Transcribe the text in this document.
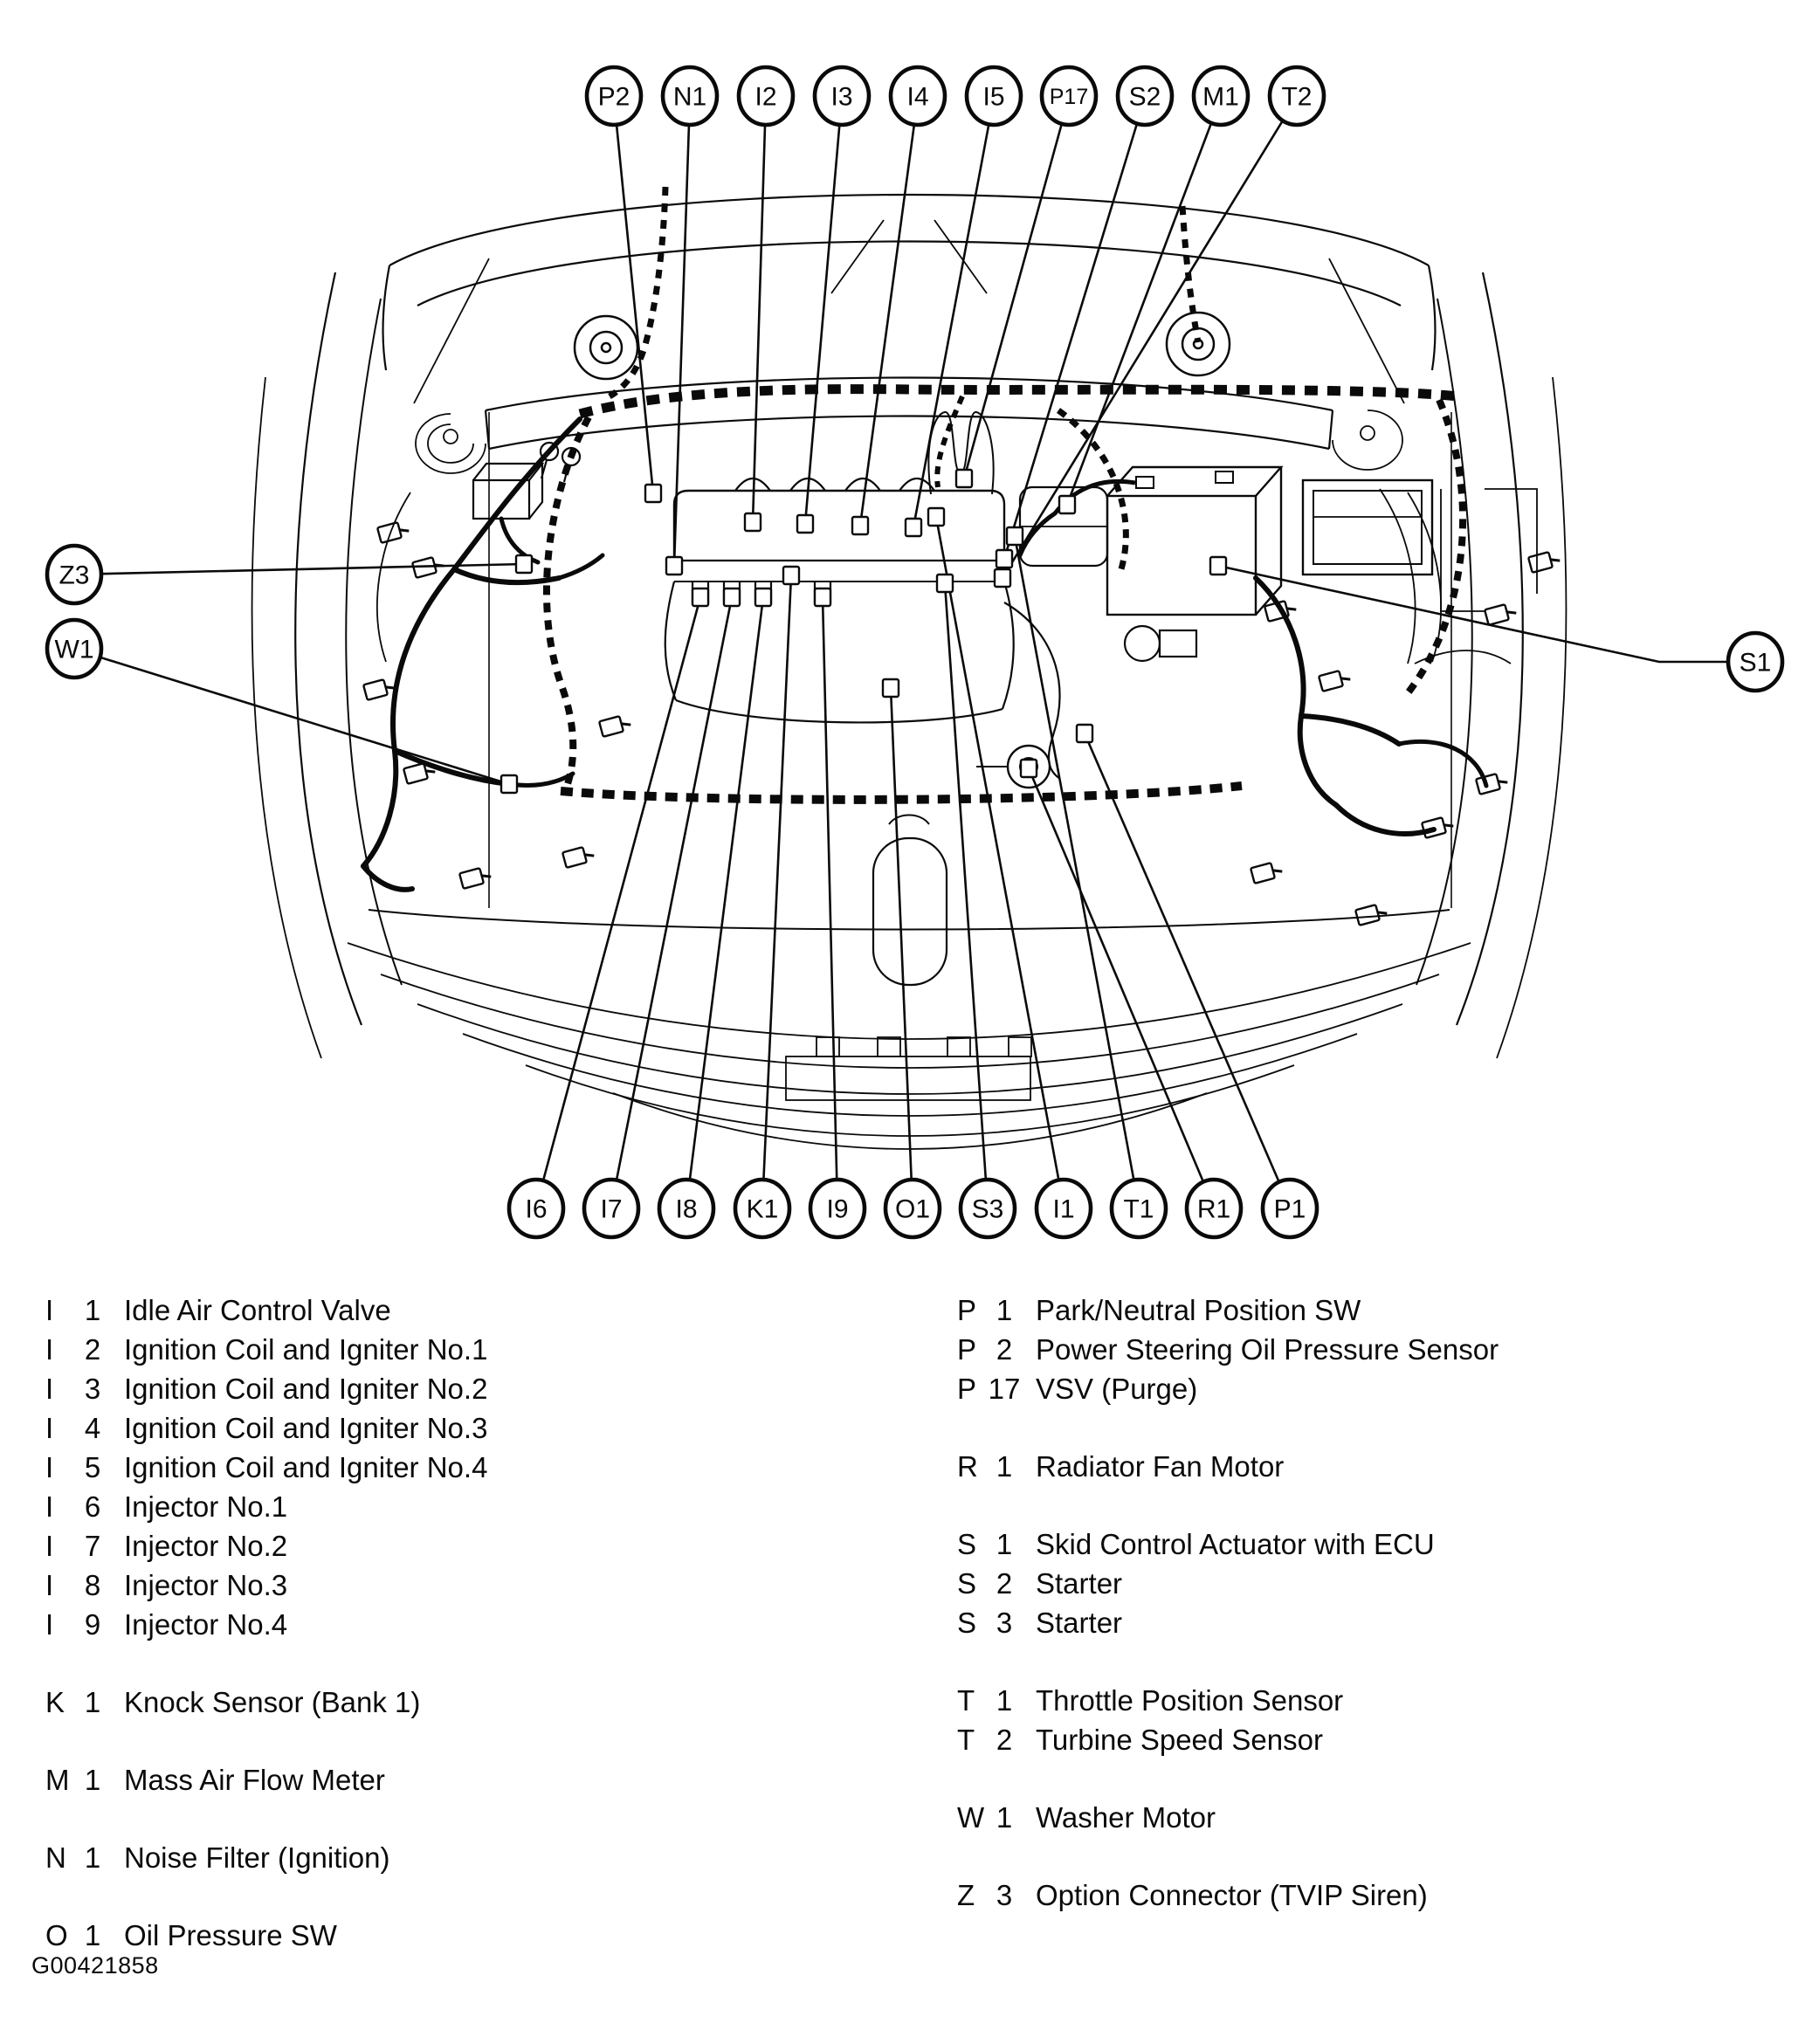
P2 N1 I2 I3 I4 I5 P17 S2 M1 T2
Z3
W1	S1
I6 I7 I8 K1 I9 O1 S3 I1 T1 R1 P1
I	1 Idle Air Control Valve
I	2 Ignition Coil and Igniter No.1
I	3 Ignition Coil and Igniter No.2
I	4 Ignition Coil and Igniter No.3
I	5 Ignition Coil and Igniter No.4
I	6 Injector No.1
I	7 Injector No.2
I	8 Injector No.3
I	9 Injector No.4
K 1 Knock Sensor (Bank 1)
M 1 Mass Air Flow Meter
N 1 Noise Filter (Ignition)
O 1 Oil Pressure SW
P 1 Park/Neutral Position SW
P 2 Power Steering Oil Pressure Sensor
P 17 VSV (Purge)
R 1 Radiator Fan Motor
S 1 Skid Control Actuator with ECU
S 2 Starter
S 3 Starter
T 1 Throttle Position Sensor
T 2 Turbine Speed Sensor
W 1 Washer Motor
Z 3 Option Connector (TVIP Siren)
G00421858
